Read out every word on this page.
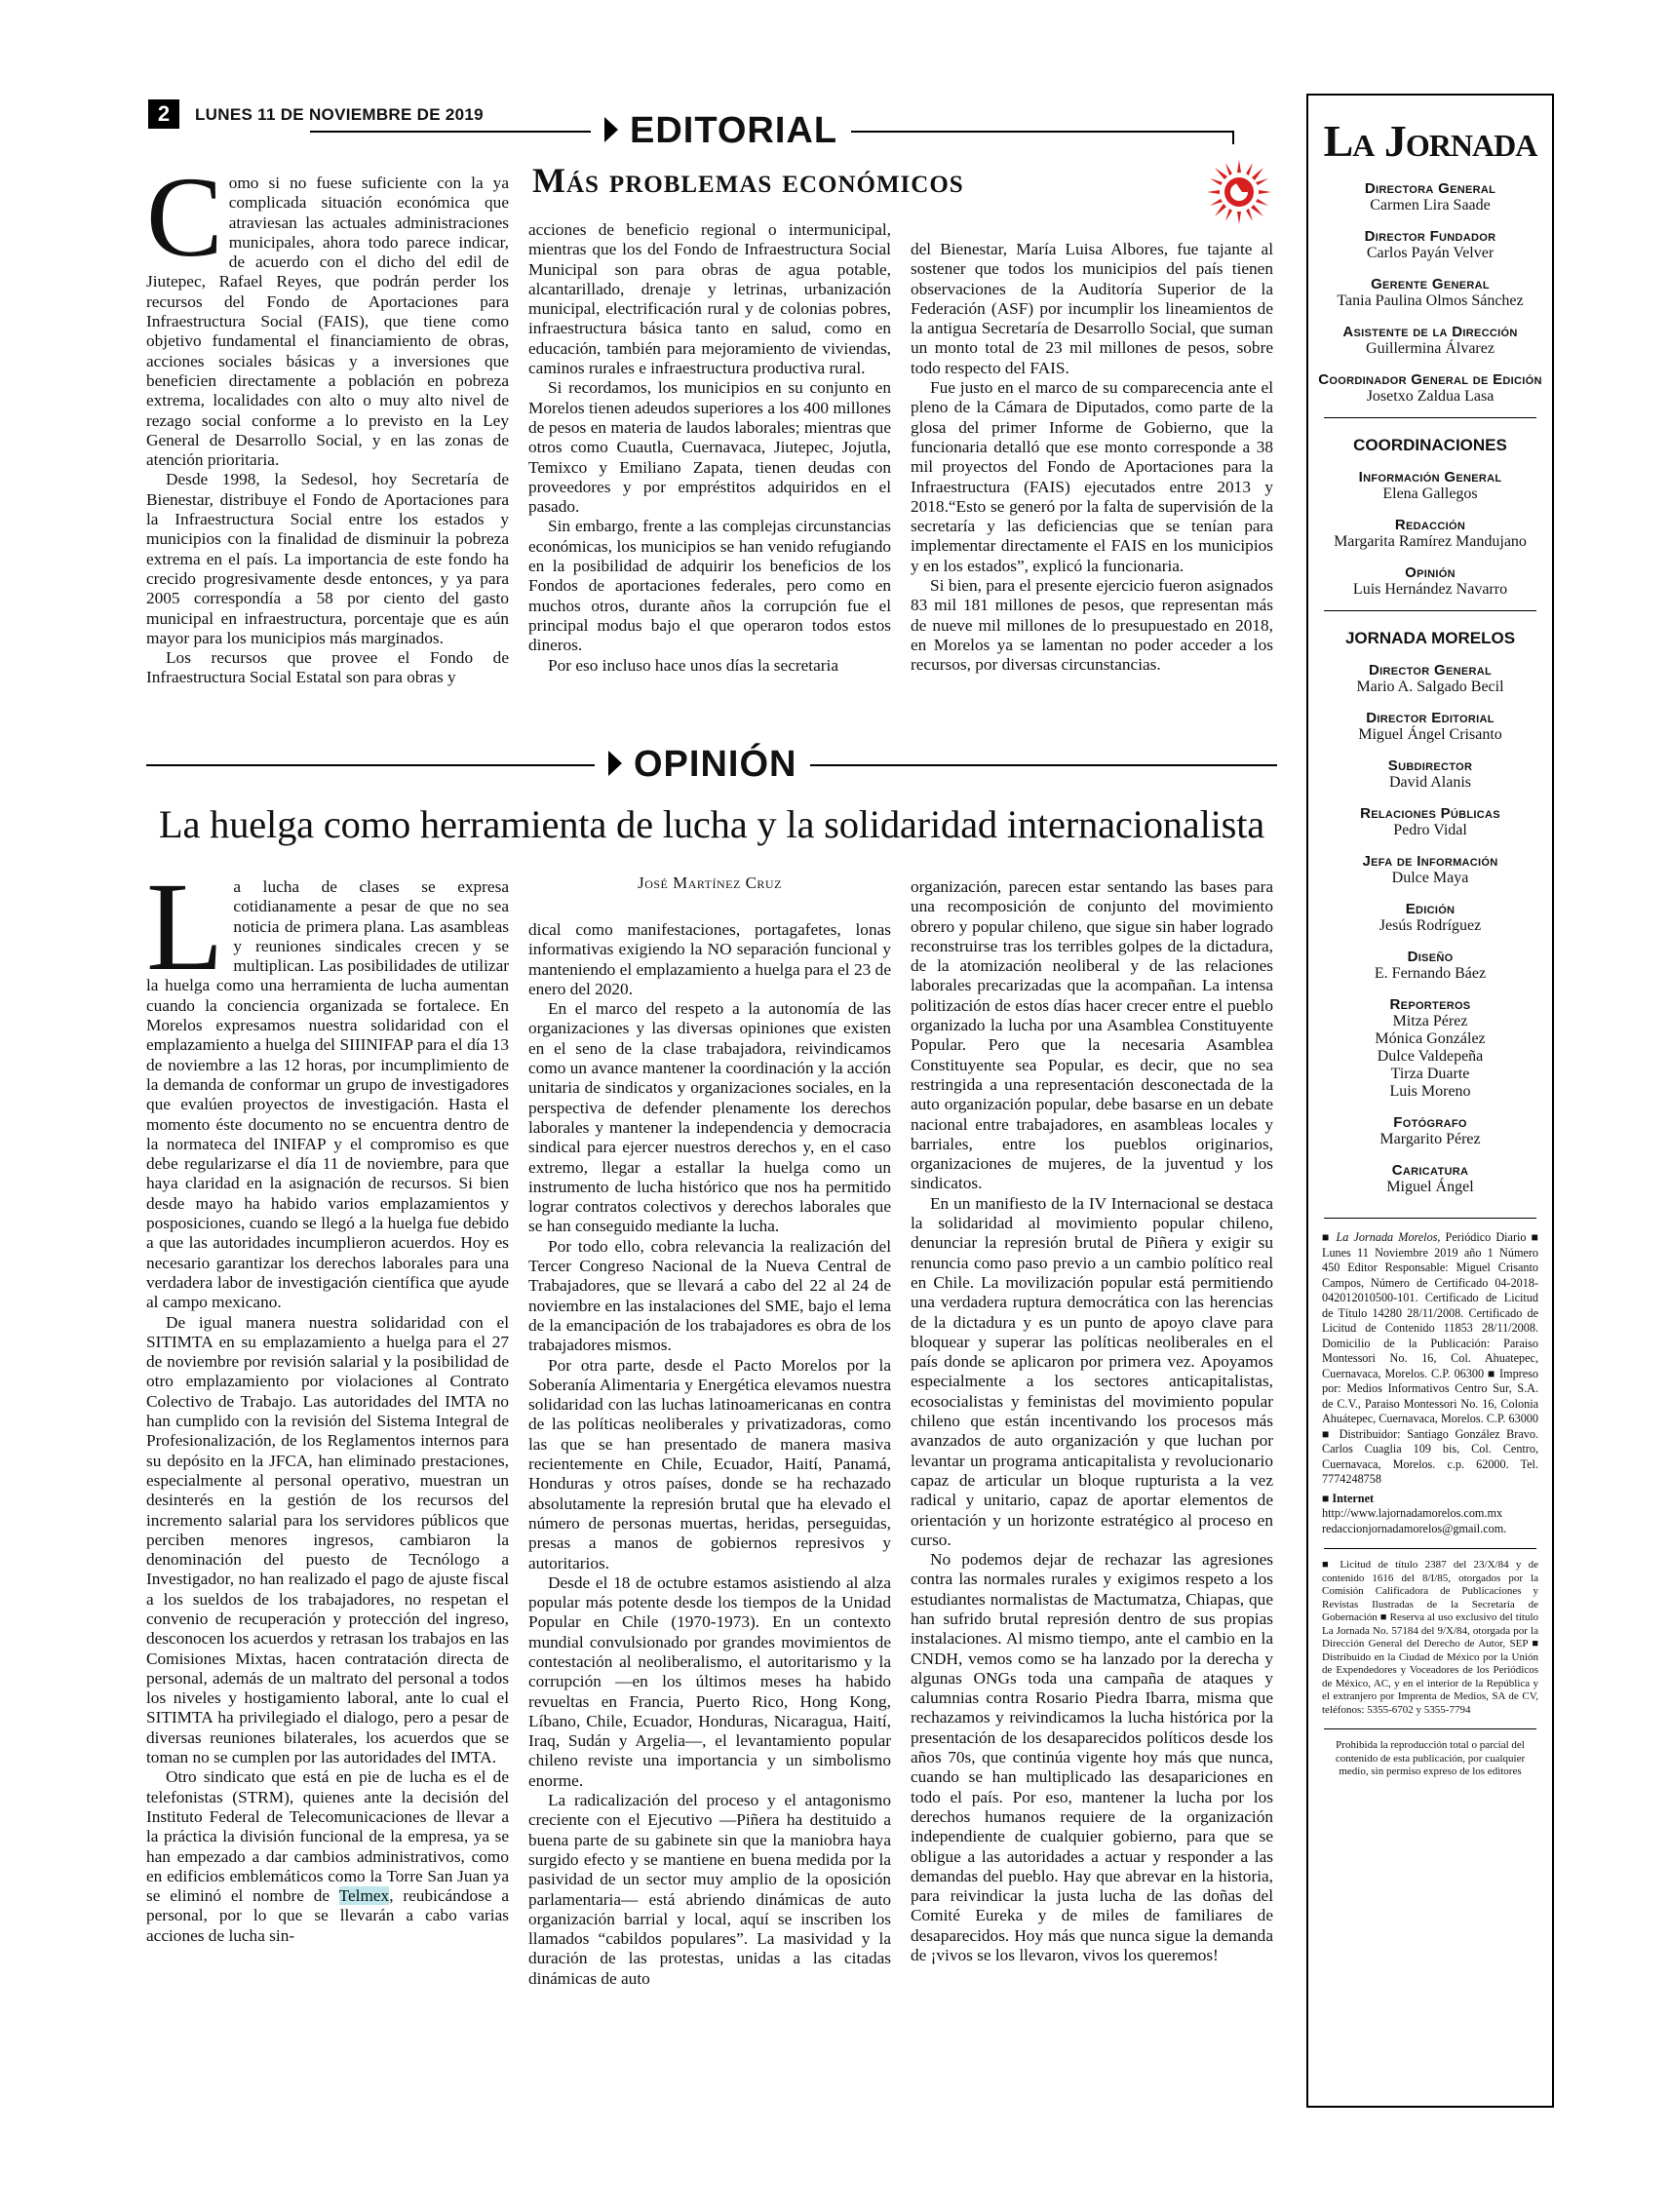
2	LUNES 11 DE NOVIEMBRE DE 2019	EDITORIAL
Más problemas económicos

Como si no fuese suficiente con la ya complicada situación económica que atraviesan las actuales administraciones municipales, ahora todo parece indicar, de acuerdo con el dicho del edil de Jiutepec, Rafael Reyes, que podrán perder los recursos del Fondo de Aportaciones para Infraestructura Social (FAIS), que tiene como objetivo fundamental el financiamiento de obras, acciones sociales básicas y a inversiones que beneficien directamente a población en pobreza extrema, localidades con alto o muy alto nivel de rezago social conforme a lo previsto en la Ley General de Desarrollo Social, y en las zonas de atención prioritaria.

Desde 1998, la Sedesol, hoy Secretaría de Bienestar, distribuye el Fondo de Aportaciones para la Infraestructura Social entre los estados y municipios con la finalidad de disminuir la pobreza extrema en el país. La importancia de este fondo ha crecido progresivamente desde entonces, y ya para 2005 correspondía a 58 por ciento del gasto municipal en infraestructura, porcentaje que es aún mayor para los municipios más marginados.

Los recursos que provee el Fondo de Infraestructura Social Estatal son para obras y

acciones de beneficio regional o intermunicipal, mientras que los del Fondo de Infraestructura Social Municipal son para obras de agua potable, alcantarillado, drenaje y letrinas, urbanización municipal, electrificación rural y de colonias pobres, infraestructura básica tanto en salud, como en educación, también para mejoramiento de viviendas, caminos rurales e infraestructura productiva rural.

Si recordamos, los municipios en su conjunto en Morelos tienen adeudos superiores a los 400 millones de pesos en materia de laudos laborales; mientras que otros como Cuautla, Cuernavaca, Jiutepec, Jojutla, Temixco y Emiliano Zapata, tienen deudas con proveedores y por empréstitos adquiridos en el pasado.

Sin embargo, frente a las complejas circunstancias económicas, los municipios se han venido refugiando en la posibilidad de adquirir los beneficios de los Fondos de aportaciones federales, pero como en muchos otros, durante años la corrupción fue el principal modus bajo el que operaron todos estos dineros.

Por eso incluso hace unos días la secretaria

del Bienestar, María Luisa Albores, fue tajante al sostener que todos los municipios del país tienen observaciones de la Auditoría Superior de la Federación (ASF) por incumplir los lineamientos de la antigua Secretaría de Desarrollo Social, que suman un monto total de 23 mil millones de pesos, sobre todo respecto del FAIS.

Fue justo en el marco de su comparecencia ante el pleno de la Cámara de Diputados, como parte de la glosa del primer Informe de Gobierno, que la funcionaria detalló que ese monto corresponde a 38 mil proyectos del Fondo de Aportaciones para la Infraestructura (FAIS) ejecutados entre 2013 y 2018.“Esto se generó por la falta de supervisión de la secretaría y las deficiencias que se tenían para implementar directamente el FAIS en los municipios y en los estados”, explicó la funcionaria.

Si bien, para el presente ejercicio fueron asignados 83 mil 181 millones de pesos, que representan más de nueve mil millones de lo presupuestado en 2018, en Morelos ya se lamentan no poder acceder a los recursos, por diversas circunstancias.

OPINIÓN
La huelga como herramienta de lucha y la solidaridad internacionalista
José Martínez Cruz

La lucha de clases se expresa cotidianamente a pesar de que no sea noticia de primera plana. Las asambleas y reuniones sindicales crecen y se multiplican. Las posibilidades de utilizar la huelga como una herramienta de lucha aumentan cuando la conciencia organizada se fortalece. En Morelos expresamos nuestra solidaridad con el emplazamiento a huelga del SIIINIFAP para el día 13 de noviembre a las 12 horas, por incumplimiento de la demanda de conformar un grupo de investigadores que evalúen proyectos de investigación. Hasta el momento éste documento no se encuentra dentro de la normateca del INIFAP y el compromiso es que debe regularizarse el día 11 de noviembre, para que haya claridad en la asignación de recursos. Si bien desde mayo ha habido varios emplazamientos y posposiciones, cuando se llegó a la huelga fue debido a que las autoridades incumplieron acuerdos. Hoy es necesario garantizar los derechos laborales para una verdadera labor de investigación científica que ayude al campo mexicano.

De igual manera nuestra solidaridad con el SITIMTA en su emplazamiento a huelga para el 27 de noviembre por revisión salarial y la posibilidad de otro emplazamiento por violaciones al Contrato Colectivo de Trabajo. Las autoridades del IMTA no han cumplido con la revisión del Sistema Integral de Profesionalización, de los Reglamentos internos para su depósito en la JFCA, han eliminado prestaciones, especialmente al personal operativo, muestran un desinterés en la gestión de los recursos del incremento salarial para los servidores públicos que perciben menores ingresos, cambiaron la denominación del puesto de Tecnólogo a Investigador, no han realizado el pago de ajuste fiscal a los sueldos de los trabajadores, no respetan el convenio de recuperación y protección del ingreso, desconocen los acuerdos y retrasan los trabajos en las Comisiones Mixtas, hacen contratación directa de personal, además de un maltrato del personal a todos los niveles y hostigamiento laboral, ante lo cual el SITIMTA ha privilegiado el dialogo, pero a pesar de diversas reuniones bilaterales, los acuerdos que se toman no se cumplen por las autoridades del IMTA.

Otro sindicato que está en pie de lucha es el de telefonistas (STRM), quienes ante la decisión del Instituto Federal de Telecomunicaciones de llevar a la práctica la división funcional de la empresa, ya se han empezado a dar cambios administrativos, como en edificios emblemáticos como la Torre San Juan ya se eliminó el nombre de Telmex, reubicándose a personal, por lo que se llevarán a cabo varias acciones de lucha sin-

dical como manifestaciones, portagafetes, lonas informativas exigiendo la NO separación funcional y manteniendo el emplazamiento a huelga para el 23 de enero del 2020.

En el marco del respeto a la autonomía de las organizaciones y las diversas opiniones que existen en el seno de la clase trabajadora, reivindicamos como un avance mantener la coordinación y la acción unitaria de sindicatos y organizaciones sociales, en la perspectiva de defender plenamente los derechos laborales y mantener la independencia y democracia sindical para ejercer nuestros derechos y, en el caso extremo, llegar a estallar la huelga como un instrumento de lucha histórico que nos ha permitido lograr contratos colectivos y derechos laborales que se han conseguido mediante la lucha.

Por todo ello, cobra relevancia la realización del Tercer Congreso Nacional de la Nueva Central de Trabajadores, que se llevará a cabo del 22 al 24 de noviembre en las instalaciones del SME, bajo el lema de la emancipación de los trabajadores es obra de los trabajadores mismos.

Por otra parte, desde el Pacto Morelos por la Soberanía Alimentaria y Energética elevamos nuestra solidaridad con las luchas latinoamericanas en contra de las políticas neoliberales y privatizadoras, como las que se han presentado de manera masiva recientemente en Chile, Ecuador, Haití, Panamá, Honduras y otros países, donde se ha rechazado absolutamente la represión brutal que ha elevado el número de personas muertas, heridas, perseguidas, presas a manos de gobiernos represivos y autoritarios.

Desde el 18 de octubre estamos asistiendo al alza popular más potente desde los tiempos de la Unidad Popular en Chile (1970-1973). En un contexto mundial convulsionado por grandes movimientos de contestación al neoliberalismo, el autoritarismo y la corrupción —en los últimos meses ha habido revueltas en Francia, Puerto Rico, Hong Kong, Líbano, Chile, Ecuador, Honduras, Nicaragua, Haití, Iraq, Sudán y Argelia—, el levantamiento popular chileno reviste una importancia y un simbolismo enorme.

La radicalización del proceso y el antagonismo creciente con el Ejecutivo —Piñera ha destituido a buena parte de su gabinete sin que la maniobra haya surgido efecto y se mantiene en buena medida por la pasividad de un sector muy amplio de la oposición parlamentaria— está abriendo dinámicas de auto organización barrial y local, aquí se inscriben los llamados “cabildos populares”. La masividad y la duración de las protestas, unidas a las citadas dinámicas de auto

organización, parecen estar sentando las bases para una recomposición de conjunto del movimiento obrero y popular chileno, que sigue sin haber logrado reconstruirse tras los terribles golpes de la dictadura, de la atomización neoliberal y de las relaciones laborales precarizadas que la acompañan. La intensa politización de estos días hacer crecer entre el pueblo organizado la lucha por una Asamblea Constituyente Popular. Pero que la necesaria Asamblea Constituyente sea Popular, es decir, que no sea restringida a una representación desconectada de la auto organización popular, debe basarse en un debate nacional entre trabajadores, en asambleas locales y barriales, entre los pueblos originarios, organizaciones de mujeres, de la juventud y los sindicatos.

En un manifiesto de la IV Internacional se destaca la solidaridad al movimiento popular chileno, denunciar la represión brutal de Piñera y exigir su renuncia como paso previo a un cambio político real en Chile. La movilización popular está permitiendo una verdadera ruptura democrática con las herencias de la dictadura y es un punto de apoyo clave para bloquear y superar las políticas neoliberales en el país donde se aplicaron por primera vez. Apoyamos especialmente a los sectores anticapitalistas, ecosocialistas y feministas del movimiento popular chileno que están incentivando los procesos más avanzados de auto organización y que luchan por levantar un programa anticapitalista y revolucionario capaz de articular un bloque rupturista a la vez radical y unitario, capaz de aportar elementos de orientación y un horizonte estratégico al proceso en curso.

No podemos dejar de rechazar las agresiones contra las normales rurales y exigimos respeto a los estudiantes normalistas de Mactumatza, Chiapas, que han sufrido brutal represión dentro de sus propias instalaciones. Al mismo tiempo, ante el cambio en la CNDH, vemos como se ha lanzado por la derecha y algunas ONGs toda una campaña de ataques y calumnias contra Rosario Piedra Ibarra, misma que rechazamos y reivindicamos la lucha histórica por la presentación de los desaparecidos políticos desde los años 70s, que continúa vigente hoy más que nunca, cuando se han multiplicado las desapariciones en todo el país. Por eso, mantener la lucha por los derechos humanos requiere de la organización independiente de cualquier gobierno, para que se obligue a las autoridades a actuar y responder a las demandas del pueblo. Hay que abrevar en la historia, para reivindicar la justa lucha de las doñas del Comité Eureka y de miles de familiares de desaparecidos. Hoy más que nunca sigue la demanda de ¡vivos se los llevaron, vivos los queremos!

La Jornada
Directora General
Carmen Lira Saade
Director Fundador
Carlos Payán Velver
Gerente General
Tania Paulina Olmos Sánchez
Asistente de la Dirección
Guillermina Álvarez
Coordinador General de Edición
Josetxo Zaldua Lasa
COORDINACIONES
Información General
Elena Gallegos
Redacción
Margarita Ramírez Mandujano
Opinión
Luis Hernández Navarro
JORNADA MORELOS
Director General
Mario A. Salgado Becil
Director Editorial
Miguel Ángel Crisanto
Subdirector
David Alanis
Relaciones Públicas
Pedro Vidal
Jefa de Información
Dulce Maya
Edición
Jesús Rodríguez
Diseño
E. Fernando Báez
Reporteros
Mitza Pérez
Mónica González
Dulce Valdepeña
Tirza Duarte
Luis Moreno
Fotógrafo
Margarito Pérez
Caricatura
Miguel Ángel
■ La Jornada Morelos, Periódico Diario ■ Lunes 11 Noviembre 2019 año 1 Número 450 Editor Responsable: Miguel Crisanto Campos, Número de Certificado 04-2018-042012010500-101. Certificado de Licitud de Título 14280 28/11/2008. Certificado de Licitud de Contenido 11853 28/11/2008. Domicilio de la Publicación: Paraiso Montessori No. 16, Col. Ahuatepec, Cuernavaca, Morelos. C.P. 06300 ■ Impreso por: Medios Informativos Centro Sur, S.A. de C.V., Paraiso Montessori No. 16, Colonia Ahuátepec, Cuernavaca, Morelos. C.P. 63000 ■ Distribuidor: Santiago González Bravo. Carlos Cuaglia 109 bis, Col. Centro, Cuernavaca, Morelos. c.p. 62000. Tel. 7774248758
■ Internet
http://www.lajornadamorelos.com.mx
redaccionjornadamorelos@gmail.com.
■ Licitud de título 2387 del 23/X/84 y de contenido 1616 del 8/I/85, otorgados por la Comisión Calificadora de Publicaciones y Revistas Ilustradas de la Secretaría de Gobernación ■ Reserva al uso exclusivo del título La Jornada No. 57184 del 9/X/84, otorgada por la Dirección General del Derecho de Autor, SEP ■ Distribuido en la Ciudad de México por la Unión de Expendedores y Voceadores de los Periódicos de México, AC, y en el interior de la República y el extranjero por Imprenta de Medios, SA de CV, teléfonos: 5355-6702 y 5355-7794
Prohibida la reproducción total o parcial del contenido de esta publicación, por cualquier medio, sin permiso expreso de los editores
